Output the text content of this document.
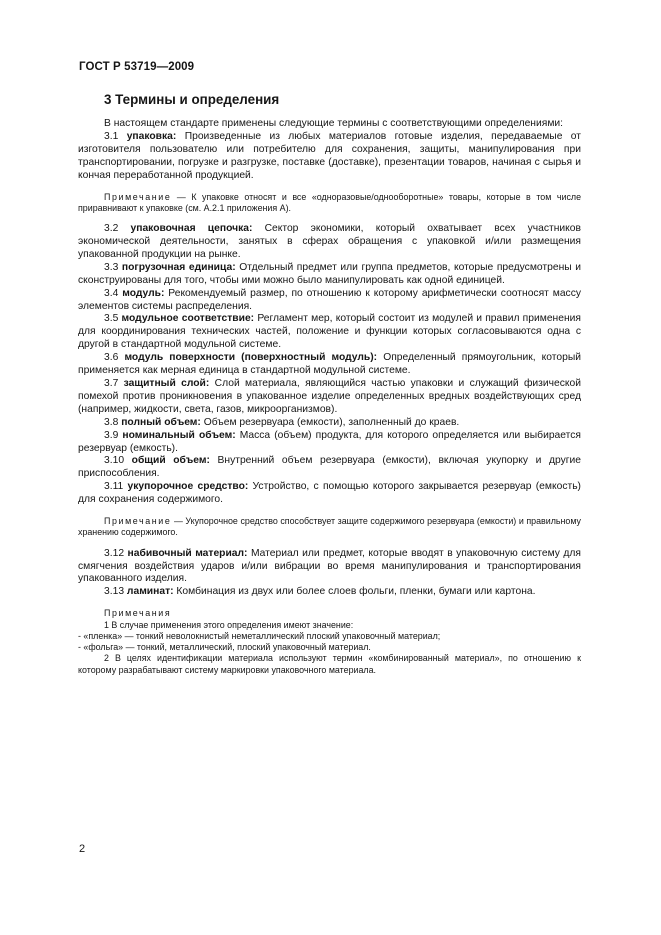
ГОСТ Р 53719—2009
3 Термины и определения

В настоящем стандарте применены следующие термины с соответствующими определениями:

3.1 упаковка: Произведенные из любых материалов готовые изделия, передаваемые от изготовителя пользователю или потребителю для сохранения, защиты, манипулирования при транспортировании, погрузке и разгрузке, поставке (доставке), презентации товаров, начиная с сырья и кончая переработанной продукцией.

Примечание — К упаковке относят и все «одноразовые/однооборотные» товары, которые в том числе приравнивают к упаковке (см. А.2.1 приложения А).

3.2 упаковочная цепочка: Сектор экономики, который охватывает всех участников экономической деятельности, занятых в сферах обращения с упаковкой и/или размещения упакованной продукции на рынке.

3.3 погрузочная единица: Отдельный предмет или группа предметов, которые предусмотрены и сконструированы для того, чтобы ими можно было манипулировать как одной единицей.

3.4 модуль: Рекомендуемый размер, по отношению к которому арифметически соотносят массу элементов системы распределения.

3.5 модульное соответствие: Регламент мер, который состоит из модулей и правил применения для координирования технических частей, положение и функции которых согласовываются одна с другой в стандартной модульной системе.

3.6 модуль поверхности (поверхностный модуль): Определенный прямоугольник, который применяется как мерная единица в стандартной модульной системе.

3.7 защитный слой: Слой материала, являющийся частью упаковки и служащий физической помехой против проникновения в упакованное изделие определенных вредных воздействующих сред (например, жидкости, света, газов, микроорганизмов).

3.8 полный объем: Объем резервуара (емкости), заполненный до краев.

3.9 номинальный объем: Масса (объем) продукта, для которого определяется или выбирается резервуар (емкость).

3.10 общий объем: Внутренний объем резервуара (емкости), включая укупорку и другие приспособления.

3.11 укупорочное средство: Устройство, с помощью которого закрывается резервуар (емкость) для сохранения содержимого.

Примечание — Укупорочное средство способствует защите содержимого резервуара (емкости) и правильному хранению содержимого.

3.12 набивочный материал: Материал или предмет, которые вводят в упаковочную систему для смягчения воздействия ударов и/или вибрации во время манипулирования и транспортирования упакованного изделия.

3.13 ламинат: Комбинация из двух или более слоев фольги, пленки, бумаги или картона.

Примечания

1 В случае применения этого определения имеют значение:

- «пленка» — тонкий неволокнистый неметаллический плоский упаковочный материал;

- «фольга» — тонкий, металлический, плоский упаковочный материал.

2 В целях идентификации материала используют термин «комбинированный материал», по отношению к которому разрабатывают систему маркировки упаковочного материала.

2
